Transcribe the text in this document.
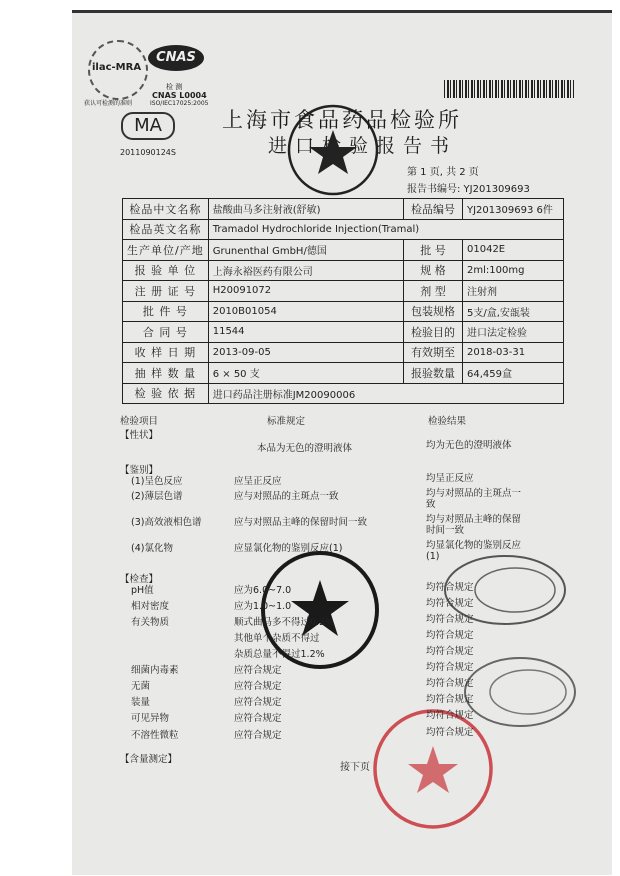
ilac-MRA
获认可检测的准则
CNAS
检 测
CNAS L0004
ISO/IEC17025:2005
MA
2011090124S
上海市食品药品检验所
进口检验报告书
第 1 页, 共 2 页
报告书编号: YJ201309693
检品中文名称	盐酸曲马多注射液(舒敏)	检品编号	YJ201309693 6件
检品英文名称	Tramadol Hydrochloride Injection(Tramal)		
生产单位/产地	Grunenthal GmbH/德国	批 号	01042E
报 验 单 位	上海永裕医药有限公司	规 格	2ml:100mg
注 册 证 号	H20091072	剂 型	注射剂
批 件 号	2010B01054	包装规格	5支/盒,安瓿装
合 同 号	11544	检验目的	进口法定检验
收 样 日 期	2013-09-05	有效期至	2018-03-31
抽 样 数 量	6 × 50 支	报验数量	64,459盒
检 验 依 据	进口药品注册标准JM20090006		
检验项目	标准规定	检验结果
【性状】
【鉴别】
【检查】
【含量测定】
本品为无色的澄明液体	均为无色的澄明液体
(1)呈色反应	应呈正反应	均呈正反应
(2)薄层色谱	应与对照品的主斑点一致	均与对照品的主斑点一致
(3)高效液相色谱	应与对照品主峰的保留时间一致	均与对照品主峰的保留时间一致
(4)氯化物	应显氯化物的鉴别反应(1)	均显氯化物的鉴别反应(1)
pH值	应为6.0~7.0	均符合规定
相对密度	应为1.0~1.0	均符合规定
有关物质	顺式曲马多不得过0.2%	均符合规定
其他单个杂质不得过	均符合规定
杂质总量不得过1.2%	均符合规定
细菌内毒素	应符合规定	均符合规定
无菌	应符合规定	均符合规定
装量	应符合规定	均符合规定
可见异物	应符合规定	均符合规定
不溶性微粒	应符合规定	均符合规定
接下页
